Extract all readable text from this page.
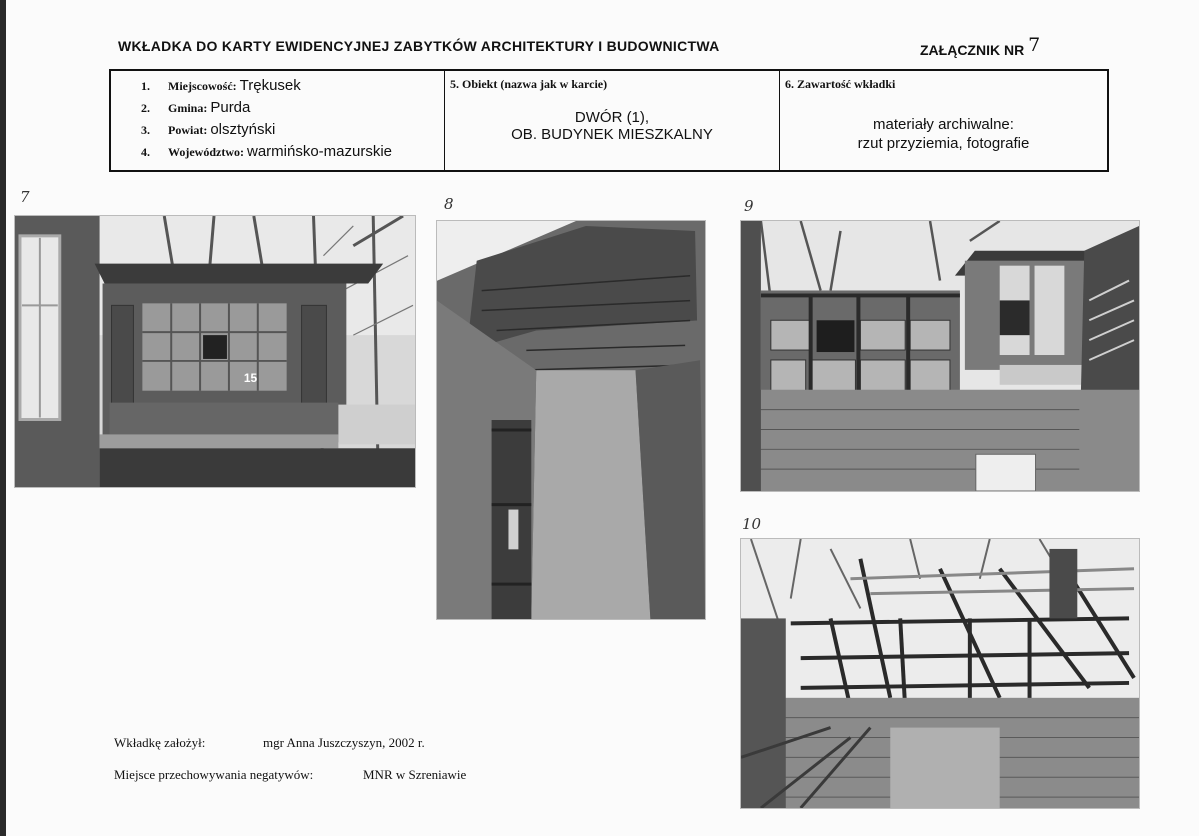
WKŁADKA DO KARTY EWIDENCYJNEJ ZABYTKÓW ARCHITEKTURY I BUDOWNICTWA	ZAŁĄCZNIK NR 7
1.	Miejscowość: Trękusek
2.	Gmina: Purda
3.	Powiat: olsztyński
4.	Województwo: warmińsko-mazurskie
5. Obiekt (nazwa jak w karcie)
DWÓR (1),
OB. BUDYNEK MIESZKALNY
6. Zawartość wkładki
materiały archiwalne:
rzut przyziemia, fotografie
7
15
8	9
10
Wkładkę założył:	mgr Anna Juszczyszyn, 2002 r.
Miejsce przechowywania negatywów:	MNR w Szreniawie
